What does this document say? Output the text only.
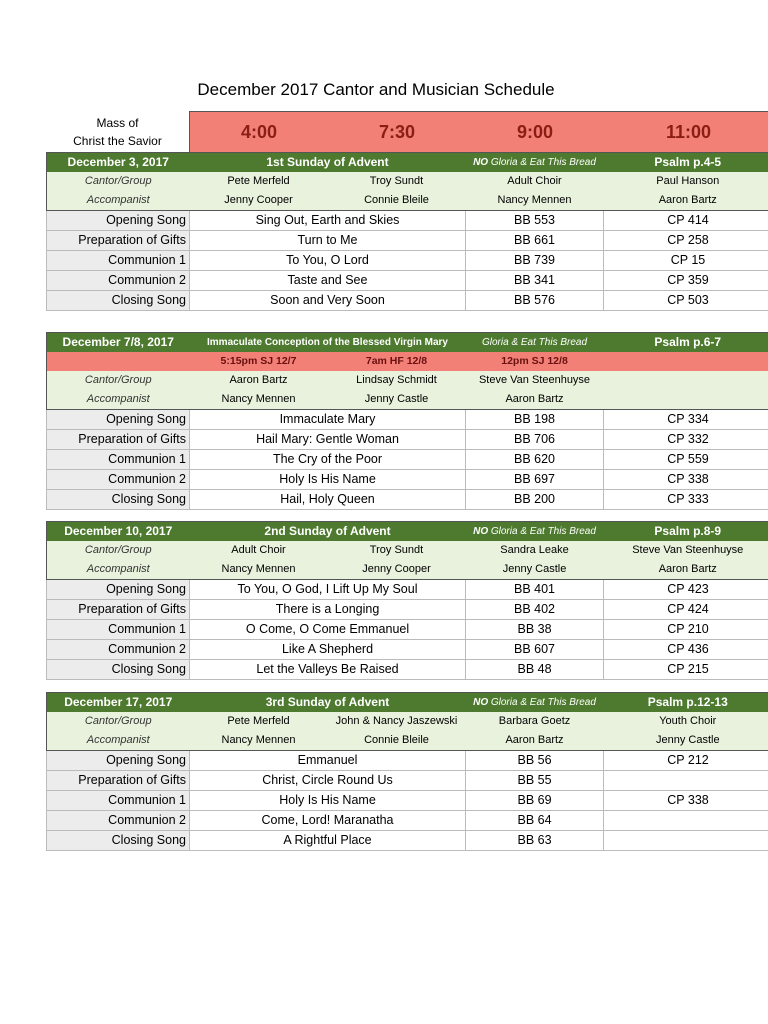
December 2017 Cantor and Musician Schedule
Mass of
Christ the Savior	4:00	7:30	9:00	11:00
December 3, 2017	1st Sunday of Advent		NO Gloria & Eat This Bread	Psalm p.4-5
Cantor/Group	Pete Merfeld	Troy Sundt	Adult Choir	Paul Hanson
Accompanist	Jenny Cooper	Connie Bleile	Nancy Mennen	Aaron Bartz
Opening Song	Sing Out, Earth and Skies		BB 553	CP 414
Preparation of Gifts	Turn to Me		BB 661	CP 258
Communion 1	To You, O Lord		BB 739	CP 15
Communion 2	Taste and See		BB 341	CP 359
Closing Song	Soon and Very Soon		BB 576	CP 503
December 7/8, 2017	Immaculate Conception of the Blessed Virgin Mary		Gloria & Eat This Bread	Psalm p.6-7
	5:15pm SJ 12/7	7am HF 12/8	12pm SJ 12/8	
Cantor/Group	Aaron Bartz	Lindsay Schmidt	Steve Van Steenhuyse	
Accompanist	Nancy Mennen	Jenny Castle	Aaron Bartz	
Opening Song	Immaculate Mary		BB 198	CP 334
Preparation of Gifts	Hail Mary: Gentle Woman		BB 706	CP 332
Communion 1	The Cry of the Poor		BB 620	CP 559
Communion 2	Holy Is His Name		BB 697	CP 338
Closing Song	Hail, Holy Queen		BB 200	CP 333
December 10, 2017	2nd Sunday of Advent		NO Gloria & Eat This Bread	Psalm p.8-9
Cantor/Group	Adult Choir	Troy Sundt	Sandra Leake	Steve Van Steenhuyse
Accompanist	Nancy Mennen	Jenny Cooper	Jenny Castle	Aaron Bartz
Opening Song	To You, O God, I Lift Up My Soul		BB 401	CP 423
Preparation of Gifts	There is a Longing		BB 402	CP 424
Communion 1	O Come, O Come Emmanuel		BB 38	CP 210
Communion 2	Like A Shepherd		BB 607	CP 436
Closing Song	Let the Valleys Be Raised		BB 48	CP 215
December 17, 2017	3rd Sunday of Advent		NO Gloria & Eat This Bread	Psalm p.12-13
Cantor/Group	Pete Merfeld	John & Nancy Jaszewski	Barbara Goetz	Youth Choir
Accompanist	Nancy Mennen	Connie Bleile	Aaron Bartz	Jenny Castle
Opening Song	Emmanuel		BB 56	CP 212
Preparation of Gifts	Christ, Circle Round Us		BB 55	
Communion 1	Holy Is His Name		BB 69	CP 338
Communion 2	Come, Lord! Maranatha		BB 64	
Closing Song	A Rightful Place		BB 63	
